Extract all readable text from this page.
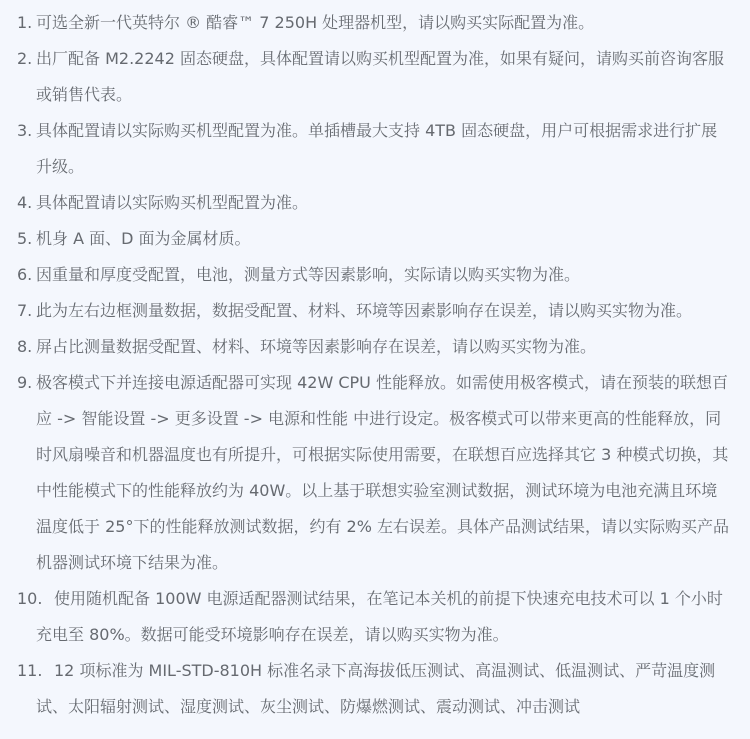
1. 可选全新一代英特尔 ® 酷睿™ 7 250H 处理器机型，请以购买实际配置为准。
2. 出厂配备 M2.2242 固态硬盘，具体配置请以购买机型配置为准，如果有疑问，请购买前咨询客服或销售代表。
3. 具体配置请以实际购买机型配置为准。单插槽最大支持 4TB 固态硬盘，用户可根据需求进行扩展升级。
4. 具体配置请以实际购买机型配置为准。
5. 机身 A 面、D 面为金属材质。
6. 因重量和厚度受配置，电池，测量方式等因素影响，实际请以购买实物为准。
7. 此为左右边框测量数据，数据受配置、材料、环境等因素影响存在误差，请以购买实物为准。
8. 屏占比测量数据受配置、材料、环境等因素影响存在误差，请以购买实物为准。
9. 极客模式下并连接电源适配器可实现 42W CPU 性能释放。如需使用极客模式，请在预装的联想百应 -> 智能设置 -> 更多设置 -> 电源和性能 中进行设定。极客模式可以带来更高的性能释放，同时风扇噪音和机器温度也有所提升，可根据实际使用需要，在联想百应选择其它 3 种模式切换，其中性能模式下的性能释放约为 40W。以上基于联想实验室测试数据，测试环境为电池充满且环境温度低于 25°下的性能释放测试数据，约有 2% 左右误差。具体产品测试结果，请以实际购买产品机器测试环境下结果为准。
10. 使用随机配备 100W 电源适配器测试结果，在笔记本关机的前提下快速充电技术可以 1 个小时充电至 80%。数据可能受环境影响存在误差，请以购买实物为准。
11. 12 项标准为 MIL-STD-810H 标准名录下高海拔低压测试、高温测试、低温测试、严苛温度测试、太阳辐射测试、湿度测试、灰尘测试、防爆燃测试、震动测试、冲击测试
